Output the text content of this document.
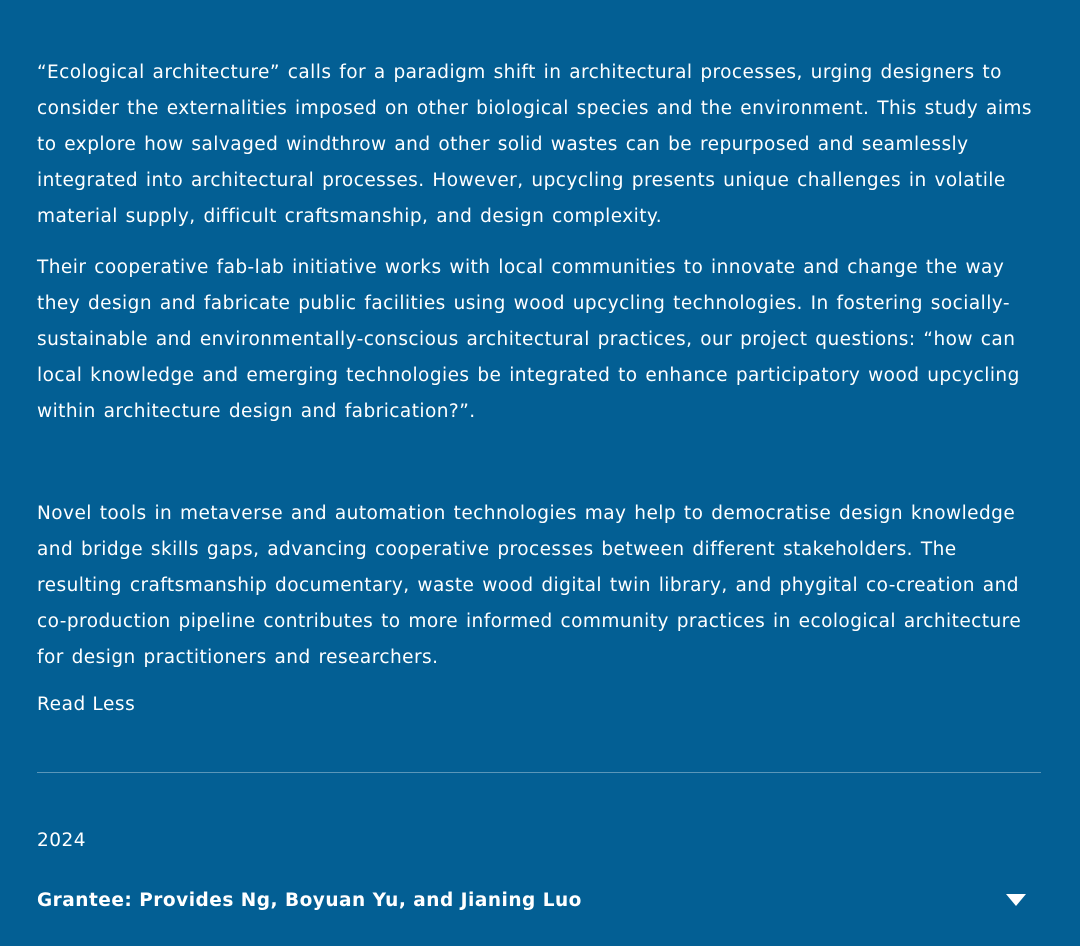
“Ecological architecture” calls for a paradigm shift in architectural processes, urging designers to consider the externalities imposed on other biological species and the environment. This study aims to explore how salvaged windthrow and other solid wastes can be repurposed and seamlessly integrated into architectural processes. However, upcycling presents unique challenges in volatile material supply, difficult craftsmanship, and design complexity.

Their cooperative fab-lab initiative works with local communities to innovate and change the way they design and fabricate public facilities using wood upcycling technologies. In fostering socially-sustainable and environmentally-conscious architectural practices, our project questions: “how can local knowledge and emerging technologies be integrated to enhance participatory wood upcycling within architecture design and fabrication?”.

Novel tools in metaverse and automation technologies may help to democratise design knowledge and bridge skills gaps, advancing cooperative processes between different stakeholders. The resulting craftsmanship documentary, waste wood digital twin library, and phygital co-creation and co-production pipeline contributes to more informed community practices in ecological architecture for design practitioners and researchers.

Read Less
2024
Grantee: Provides Ng, Boyuan Yu, and Jianing Luo
